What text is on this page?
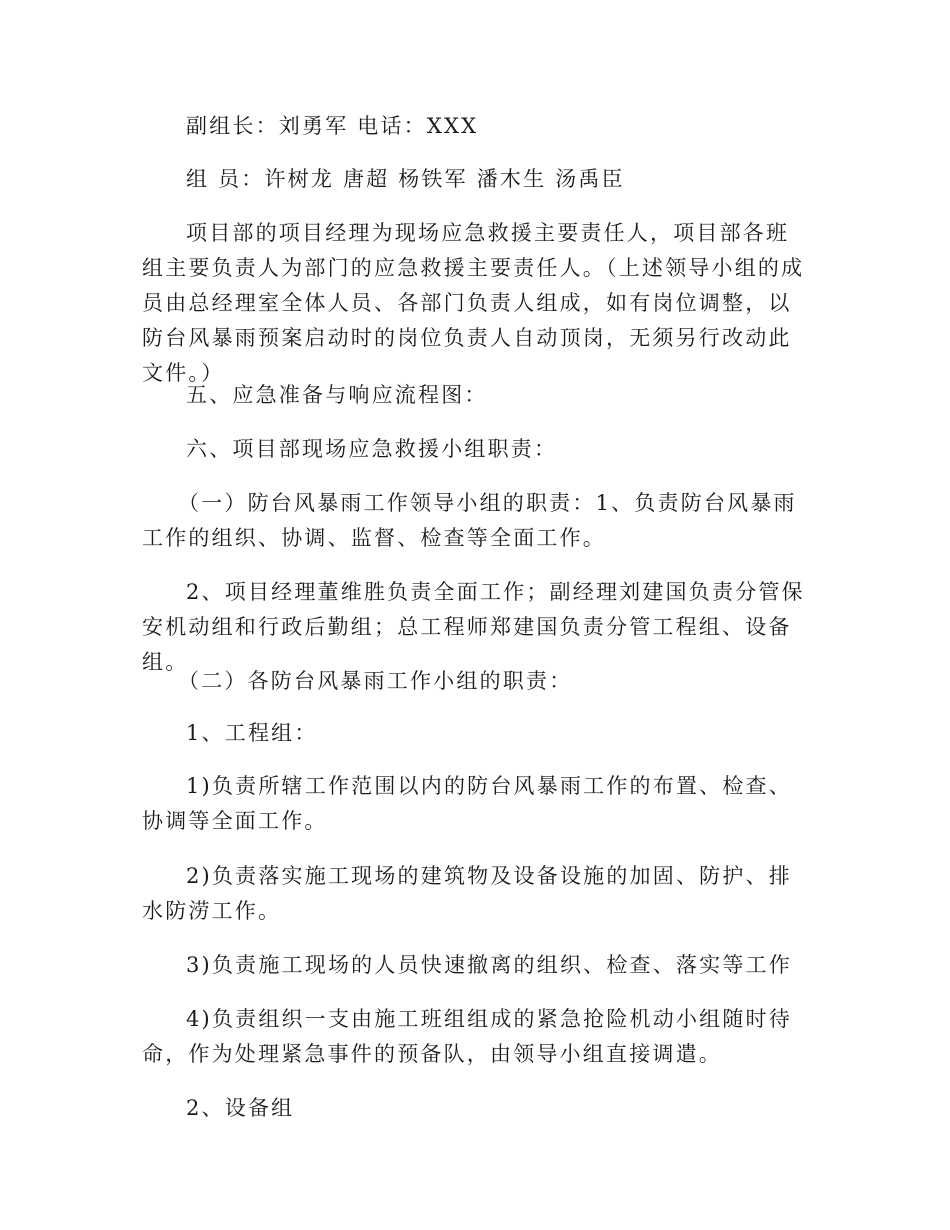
副组长：刘勇军 电话：XXX

组 员：许树龙 唐超 杨铁军 潘木生 汤禹臣

项目部的项目经理为现场应急救援主要责任人，项目部各班组主要负责人为部门的应急救援主要责任人。（上述领导小组的成员由总经理室全体人员、各部门负责人组成，如有岗位调整，以防台风暴雨预案启动时的岗位负责人自动顶岗，无须另行改动此文件。）

五、应急准备与响应流程图：

六、项目部现场应急救援小组职责：

（一）防台风暴雨工作领导小组的职责：1、负责防台风暴雨工作的组织、协调、监督、检查等全面工作。

2、项目经理董维胜负责全面工作；副经理刘建国负责分管保安机动组和行政后勤组；总工程师郑建国负责分管工程组、设备组。

（二）各防台风暴雨工作小组的职责：

1、工程组：

1)负责所辖工作范围以内的防台风暴雨工作的布置、检查、协调等全面工作。

2)负责落实施工现场的建筑物及设备设施的加固、防护、排水防涝工作。

3)负责施工现场的人员快速撤离的组织、检查、落实等工作

4)负责组织一支由施工班组组成的紧急抢险机动小组随时待命，作为处理紧急事件的预备队，由领导小组直接调遣。

2、设备组
